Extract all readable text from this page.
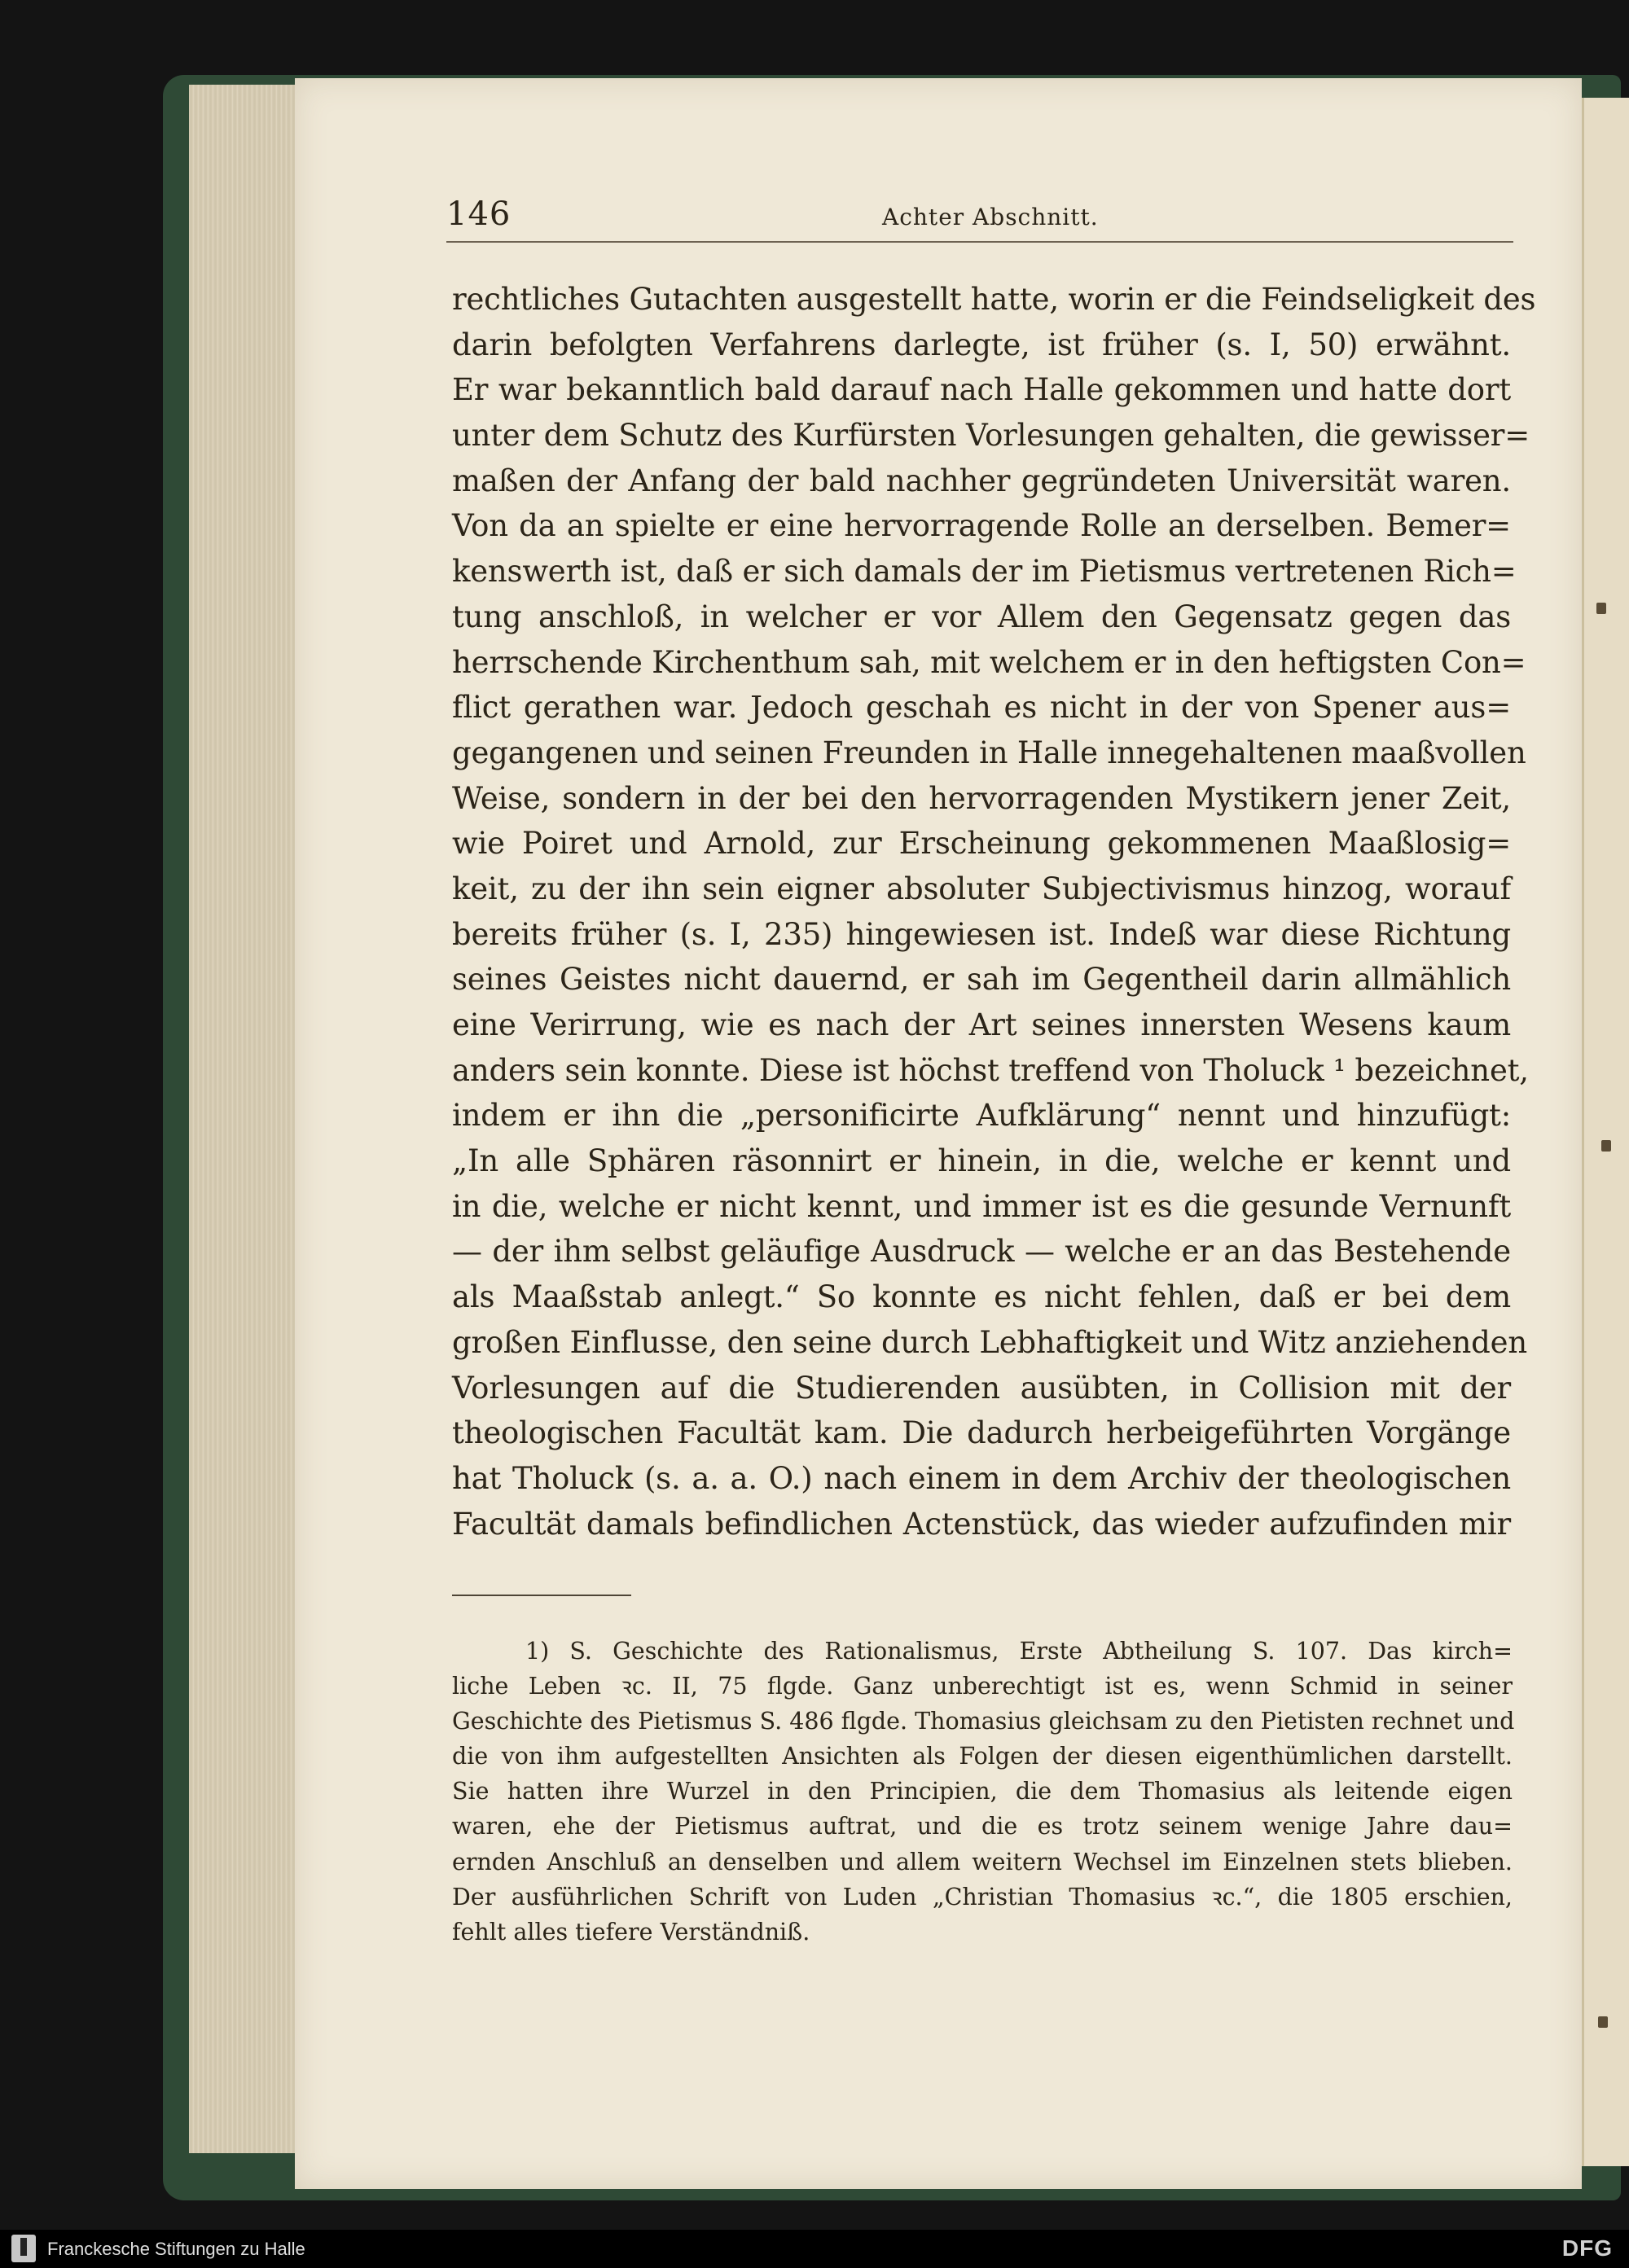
146	Achter Abschnitt.
rechtliches Gutachten ausgestellt hatte, worin er die Feindseligkeit des
darin befolgten Verfahrens darlegte, ist früher (s. I, 50) erwähnt.
Er war bekanntlich bald darauf nach Halle gekommen und hatte dort
unter dem Schutz des Kurfürsten Vorlesungen gehalten, die gewisser=
maßen der Anfang der bald nachher gegründeten Universität waren.
Von da an spielte er eine hervorragende Rolle an derselben. Bemer=
kenswerth ist, daß er sich damals der im Pietismus vertretenen Rich=
tung anschloß, in welcher er vor Allem den Gegensatz gegen das
herrschende Kirchenthum sah, mit welchem er in den heftigsten Con=
flict gerathen war. Jedoch geschah es nicht in der von Spener aus=
gegangenen und seinen Freunden in Halle innegehaltenen maaßvollen
Weise, sondern in der bei den hervorragenden Mystikern jener Zeit,
wie Poiret und Arnold, zur Erscheinung gekommenen Maaßlosig=
keit, zu der ihn sein eigner absoluter Subjectivismus hinzog, worauf
bereits früher (s. I, 235) hingewiesen ist. Indeß war diese Richtung
seines Geistes nicht dauernd, er sah im Gegentheil darin allmählich
eine Verirrung, wie es nach der Art seines innersten Wesens kaum
anders sein konnte. Diese ist höchst treffend von Tholuck ¹ bezeichnet,
indem er ihn die „personificirte Aufklärung“ nennt und hinzufügt:
„In alle Sphären räsonnirt er hinein, in die, welche er kennt und
in die, welche er nicht kennt, und immer ist es die gesunde Vernunft
— der ihm selbst geläufige Ausdruck — welche er an das Bestehende
als Maaßstab anlegt.“ So konnte es nicht fehlen, daß er bei dem
großen Einflusse, den seine durch Lebhaftigkeit und Witz anziehenden
Vorlesungen auf die Studierenden ausübten, in Collision mit der
theologischen Facultät kam. Die dadurch herbeigeführten Vorgänge
hat Tholuck (s. a. a. O.) nach einem in dem Archiv der theologischen
Facultät damals befindlichen Actenstück, das wieder aufzufinden mir
1) S. Geschichte des Rationalismus, Erste Abtheilung S. 107. Das kirch=
liche Leben ꝛc. II, 75 flgde. Ganz unberechtigt ist es, wenn Schmid in seiner
Geschichte des Pietismus S. 486 flgde. Thomasius gleichsam zu den Pietisten rechnet und
die von ihm aufgestellten Ansichten als Folgen der diesen eigenthümlichen darstellt.
Sie hatten ihre Wurzel in den Principien, die dem Thomasius als leitende eigen
waren, ehe der Pietismus auftrat, und die es trotz seinem wenige Jahre dau=
ernden Anschluß an denselben und allem weitern Wechsel im Einzelnen stets blieben.
Der ausführlichen Schrift von Luden „Christian Thomasius ꝛc.“, die 1805 erschien,
fehlt alles tiefere Verständniß.
Franckesche Stiftungen zu Halle	DFG
